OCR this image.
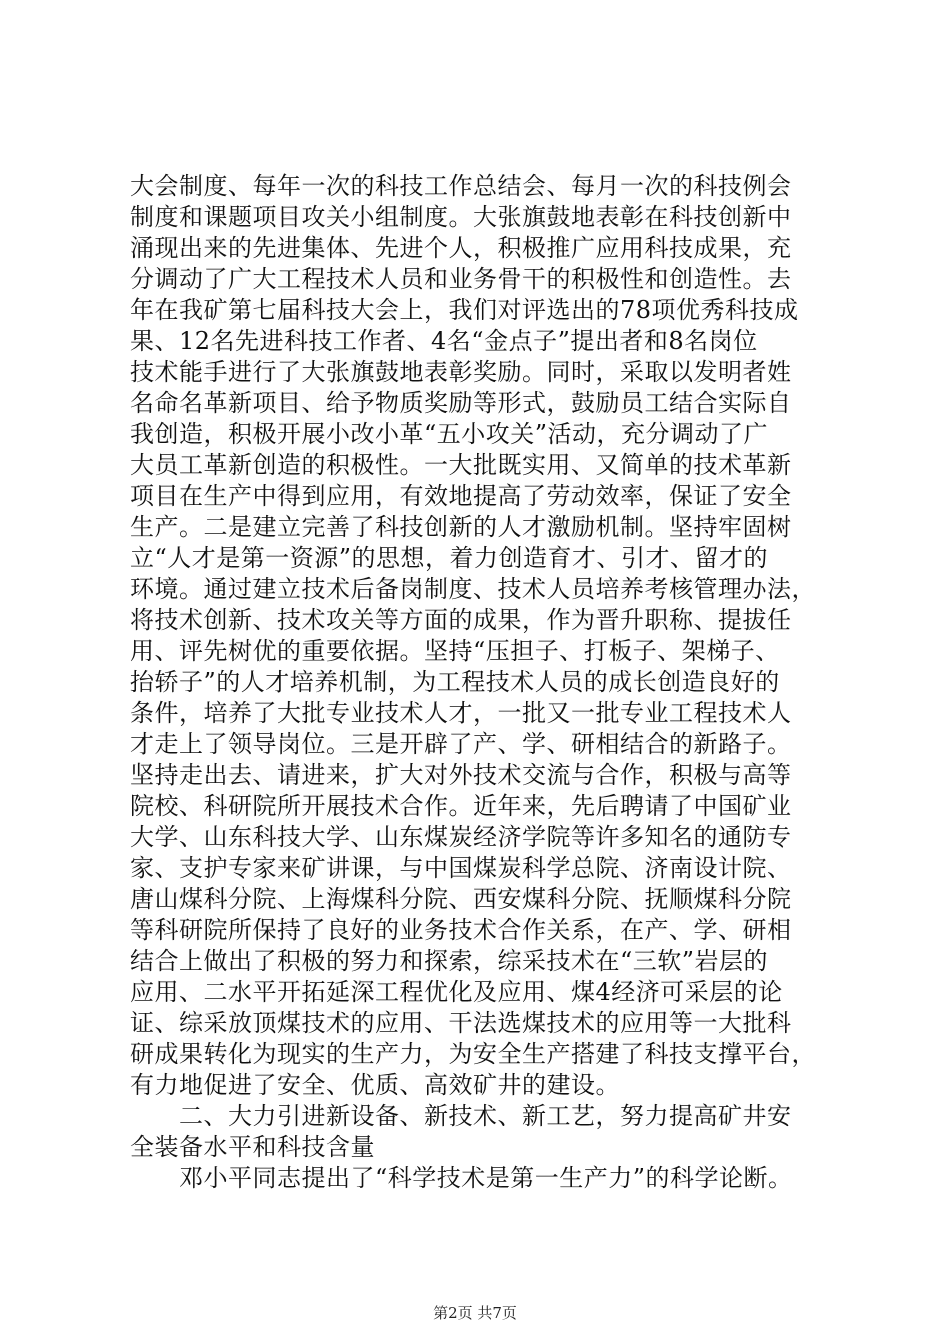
大会制度、每年一次的科技工作总结会、每月一次的科技例会
制度和课题项目攻关小组制度。大张旗鼓地表彰在科技创新中
涌现出来的先进集体、先进个人，积极推广应用科技成果，充
分调动了广大工程技术人员和业务骨干的积极性和创造性。去
年在我矿第七届科技大会上，我们对评选出的78项优秀科技成
果、12名先进科技工作者、4名“金点子”提出者和8名岗位
技术能手进行了大张旗鼓地表彰奖励。同时，采取以发明者姓
名命名革新项目、给予物质奖励等形式，鼓励员工结合实际自
我创造，积极开展小改小革“五小攻关”活动，充分调动了广
大员工革新创造的积极性。一大批既实用、又简单的技术革新
项目在生产中得到应用，有效地提高了劳动效率，保证了安全
生产。二是建立完善了科技创新的人才激励机制。坚持牢固树
立“人才是第一资源”的思想，着力创造育才、引才、留才的
环境。通过建立技术后备岗制度、技术人员培养考核管理办法，
将技术创新、技术攻关等方面的成果，作为晋升职称、提拔任
用、评先树优的重要依据。坚持“压担子、打板子、架梯子、
抬轿子”的人才培养机制，为工程技术人员的成长创造良好的
条件，培养了大批专业技术人才，一批又一批专业工程技术人
才走上了领导岗位。三是开辟了产、学、研相结合的新路子。
坚持走出去、请进来，扩大对外技术交流与合作，积极与高等
院校、科研院所开展技术合作。近年来，先后聘请了中国矿业
大学、山东科技大学、山东煤炭经济学院等许多知名的通防专
家、支护专家来矿讲课，与中国煤炭科学总院、济南设计院、
唐山煤科分院、上海煤科分院、西安煤科分院、抚顺煤科分院
等科研院所保持了良好的业务技术合作关系，在产、学、研相
结合上做出了积极的努力和探索，综采技术在“三软”岩层的
应用、二水平开拓延深工程优化及应用、煤4经济可采层的论
证、综采放顶煤技术的应用、干法选煤技术的应用等一大批科
研成果转化为现实的生产力，为安全生产搭建了科技支撑平台，
有力地促进了安全、优质、高效矿井的建设。
　　二、大力引进新设备、新技术、新工艺，努力提高矿井安
全装备水平和科技含量
　　邓小平同志提出了“科学技术是第一生产力”的科学论断。
第2页 共7页
